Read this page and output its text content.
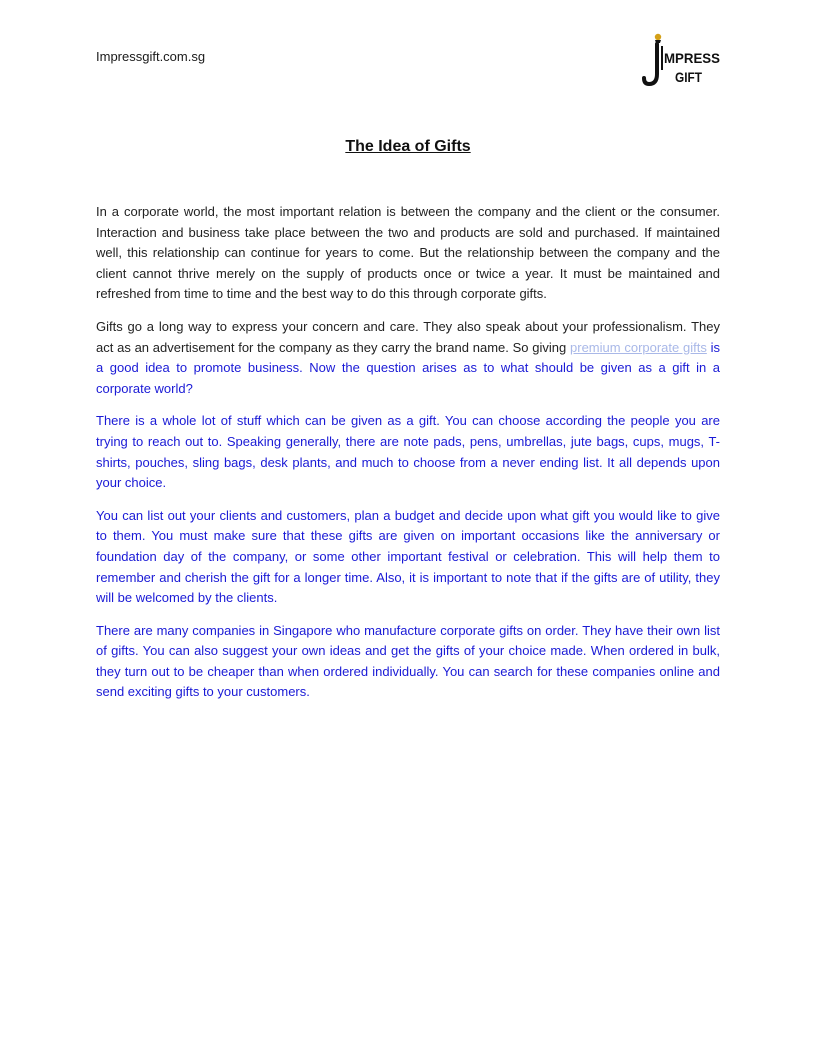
Impressgift.com.sg	MPRESS
GIFT
The Idea of Gifts

In a corporate world, the most important relation is between the company and the client or the consumer. Interaction and business take place between the two and products are sold and purchased. If maintained well, this relationship can continue for years to come. But the relationship between the company and the client cannot thrive merely on the supply of products once or twice a year. It must be maintained and refreshed from time to time and the best way to do this through corporate gifts.

Gifts go a long way to express your concern and care. They also speak about your professionalism. They act as an advertisement for the company as they carry the brand name. So giving premium corporate gifts is a good idea to promote business. Now the question arises as to what should be given as a gift in a corporate world?

There is a whole lot of stuff which can be given as a gift. You can choose according the people you are trying to reach out to. Speaking generally, there are note pads, pens, umbrellas, jute bags, cups, mugs, T-shirts, pouches, sling bags, desk plants, and much to choose from a never ending list. It all depends upon your choice.

You can list out your clients and customers, plan a budget and decide upon what gift you would like to give to them. You must make sure that these gifts are given on important occasions like the anniversary or foundation day of the company, or some other important festival or celebration. This will help them to remember and cherish the gift for a longer time. Also, it is important to note that if the gifts are of utility, they will be welcomed by the clients.

There are many companies in Singapore who manufacture corporate gifts on order. They have their own list of gifts. You can also suggest your own ideas and get the gifts of your choice made. When ordered in bulk, they turn out to be cheaper than when ordered individually. You can search for these companies online and send exciting gifts to your customers.
